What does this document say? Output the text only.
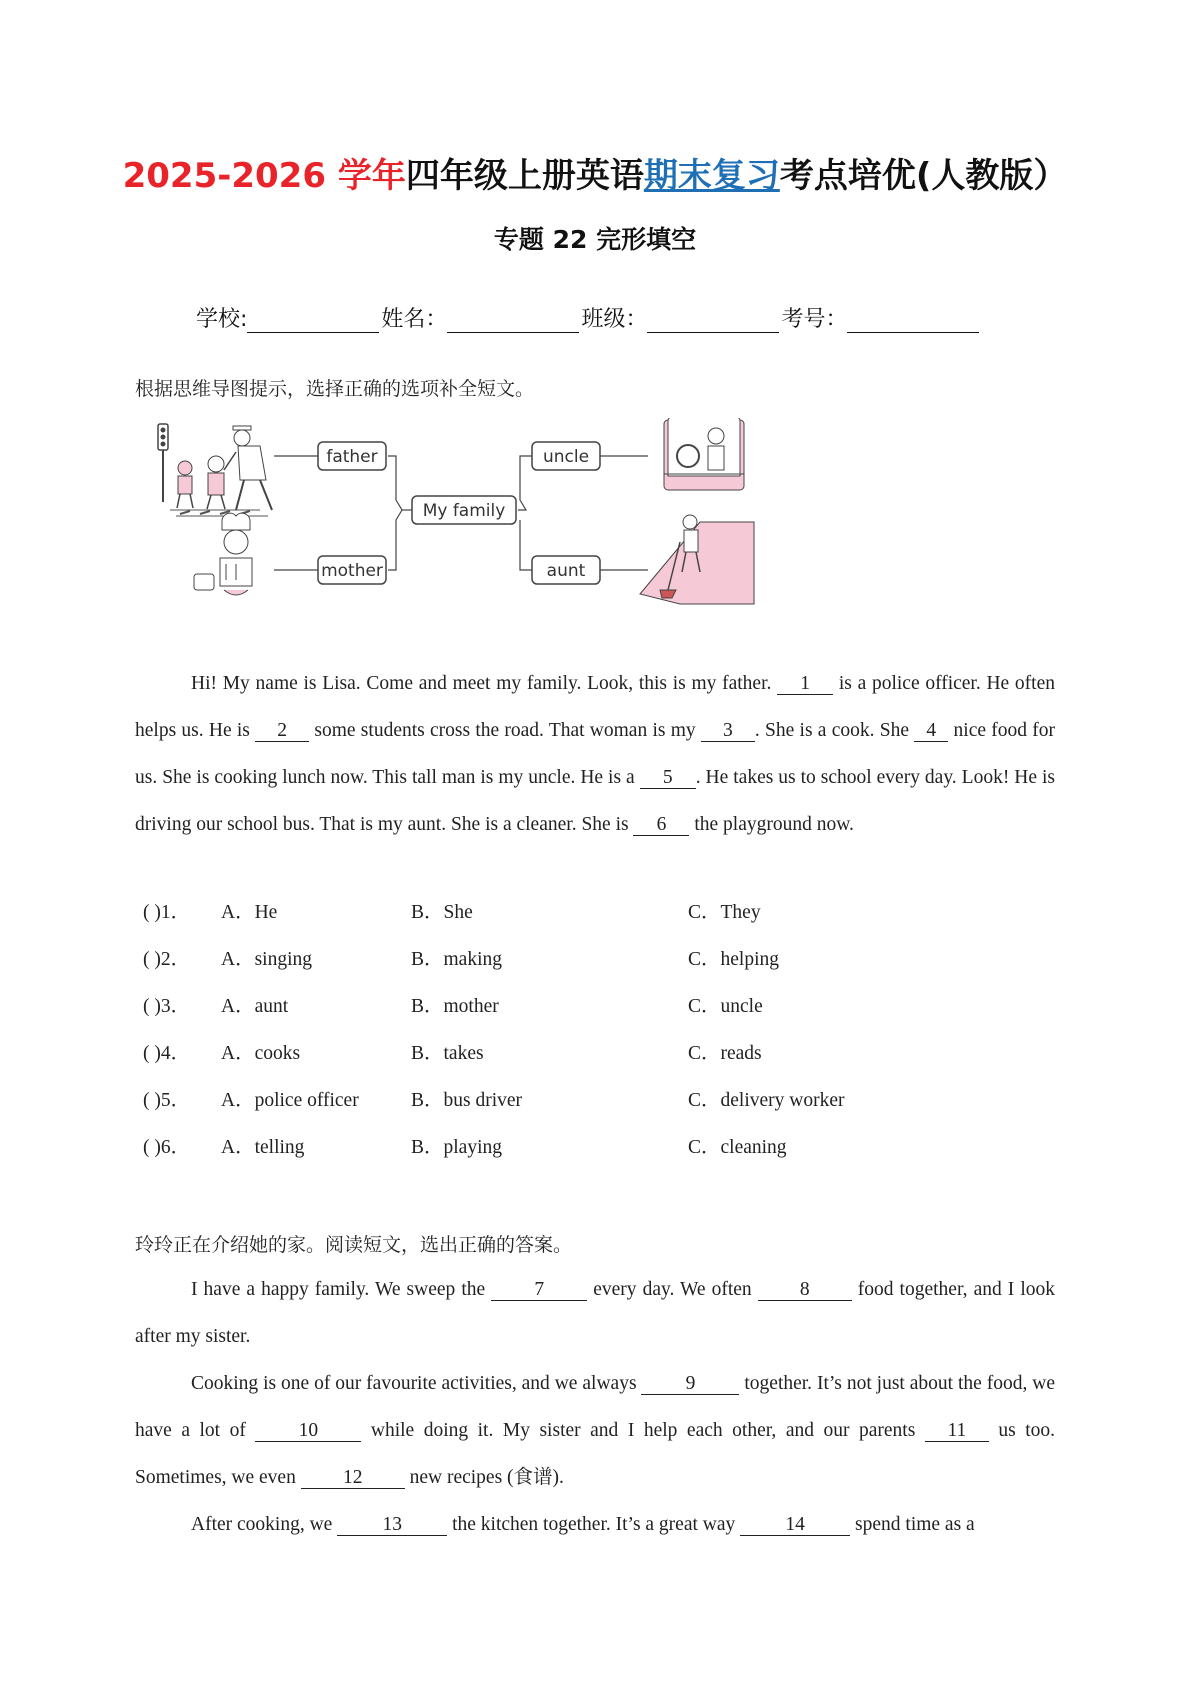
2025-2026 学年四年级上册英语期末复习考点培优(人教版）
专题 22 完形填空
学校:	姓名：	班级：	考号：
根据思维导图提示，选择正确的选项补全短文。
father
mother
My family
uncle
aunt

Hi! My name is Lisa. Come and meet my family. Look, this is my father. 1 is a police officer. He often helps us. He is 2 some students cross the road. That woman is my 3 . She is a cook. She 4 nice food for us. She is cooking lunch now. This tall man is my uncle. He is a 5 . He takes us to school every day. Look! He is driving our school bus. That is my aunt. She is a cleaner. She is 6 the playground now.

( )1． A．He	B．She	C．They
( )2． A．singing	B．making	C．helping
( )3． A．aunt	B．mother	C．uncle
( )4． A．cooks	B．takes	C．reads
( )5． A．police officer	B．bus driver	C．delivery worker
( )6． A．telling	B．playing	C．cleaning
玲玲正在介绍她的家。阅读短文，选出正确的答案。

I have a happy family. We sweep the 7 every day. We often 8 food together, and I look after my sister.

Cooking is one of our favourite activities, and we always 9 together. It’s not just about the food, we have a lot of 10 while doing it. My sister and I help each other, and our parents 11 us too. Sometimes, we even 12 new recipes (食谱).

After cooking, we 13 the kitchen together. It’s a great way 14 spend time as a
